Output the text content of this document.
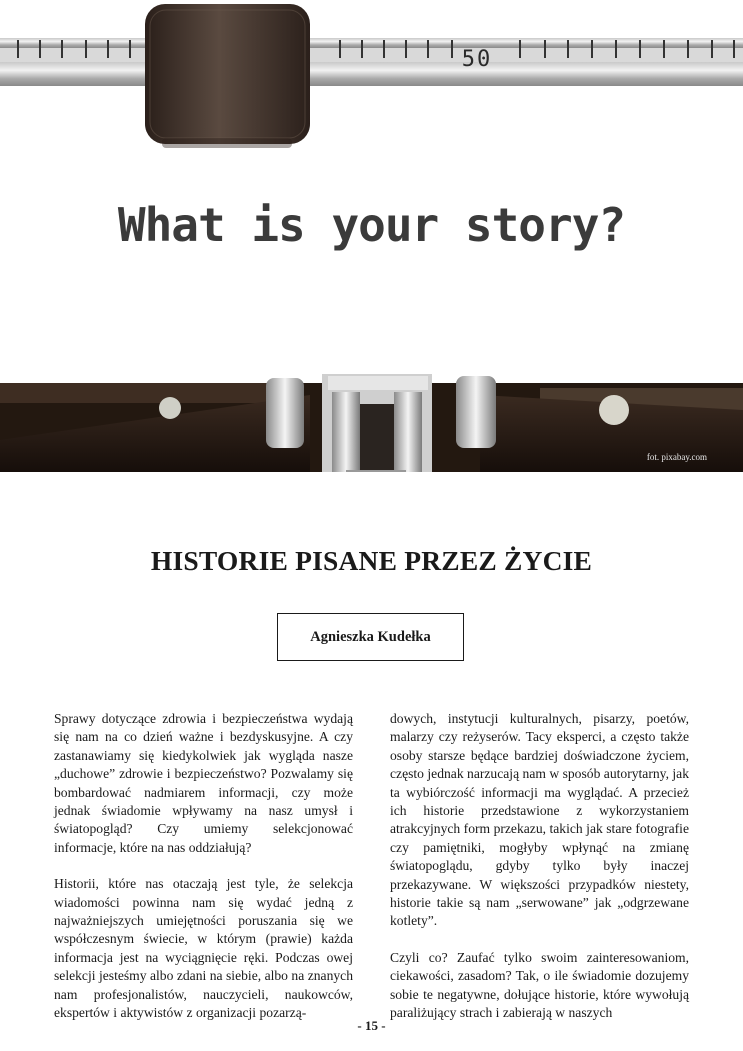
50
What is your story?
fot. pixabay.com
HISTORIE PISANE PRZEZ ŻYCIE
Agnieszka Kudełka

Sprawy dotyczące zdrowia i bezpieczeństwa wydają się nam na co dzień ważne i bezdyskusyjne. A czy zastanawiamy się kiedykolwiek jak wygląda nasze „duchowe” zdrowie i bezpieczeństwo? Pozwalamy się bombardować nadmiarem informacji, czy może jednak świadomie wpływamy na nasz umysł i światopogląd? Czy umiemy selekcjonować informacje, które na nas oddziałują?

Historii, które nas otaczają jest tyle, że selekcja wiadomości powinna nam się wydać jedną z najważniejszych umiejętności poruszania się we współczesnym świecie, w którym (prawie) każda informacja jest na wyciągnięcie ręki. Podczas owej selekcji jesteśmy albo zdani na siebie, albo na znanych nam profesjonalistów, nauczycieli, naukowców, ekspertów i aktywistów z organizacji pozarzą-

dowych, instytucji kulturalnych, pisarzy, poetów, malarzy czy reżyserów. Tacy eksperci, a często także osoby starsze będące bardziej doświadczone życiem, często jednak narzucają nam w sposób autorytarny, jak ta wybiórczość informacji ma wyglądać. A przecież ich historie przedstawione z wykorzystaniem atrakcyjnych form przekazu, takich jak stare fotografie czy pamiętniki, mogłyby wpłynąć na zmianę światopoglądu, gdyby tylko były inaczej przekazywane. W większości przypadków niestety, historie takie są nam „serwowane” jak „odgrzewane kotlety”.

Czyli co? Zaufać tylko swoim zainteresowaniom, ciekawości, zasadom? Tak, o ile świadomie dozujemy sobie te negatywne, dołujące historie, które wywołują paraliżujący strach i zabierają w naszych

- 15 -
